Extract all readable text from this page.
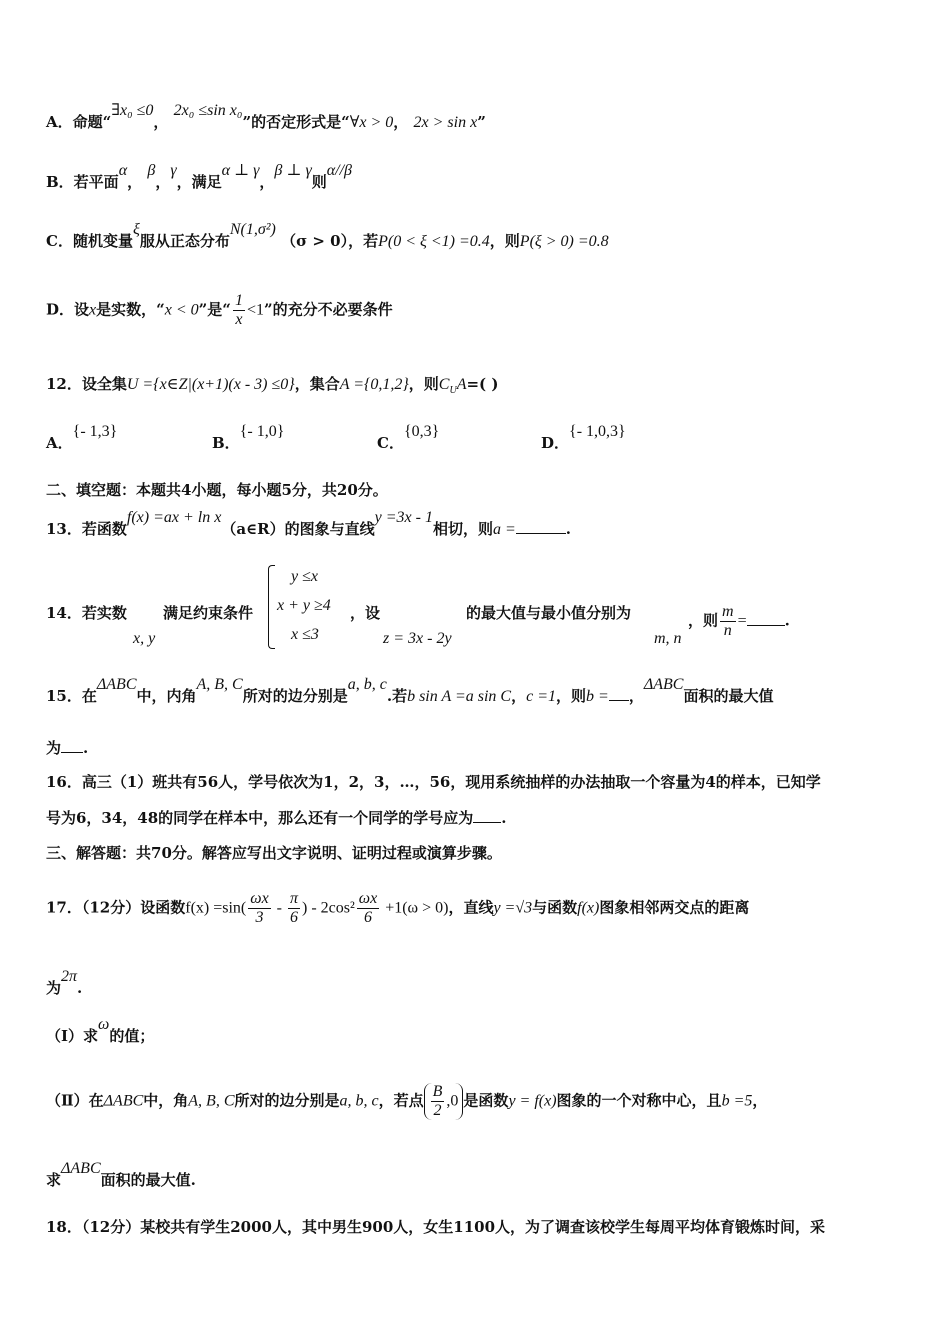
A．命题“∃x₀ ≤0， 2x₀ ≤sin x₀”的否定形式是“∀x > 0， 2x > sin x”
B．若平面α， β，γ，满足α ⊥ γ，β ⊥ γ则α//β
C．随机变量ξ服从正态分布N(1,σ²) （σ > 0），若P(0 < ξ <1) =0.4，则P(ξ > 0) =0.8
D．设x是实数，“x < 0”是“ $\frac{1}{x} <1$”的充分不必要条件
12．设全集U ={x∈Z|(x+1)(x - 3) ≤0}，集合A ={0,1,2}，则$C_UA=$( )
A．{- 1,3}
B．{- 1,0}
C．{0,3}
D．{- 1,0,3}
二、填空题：本题共4小题，每小题5分，共20分。
13．若函数f(x) =ax + ln x（a∈R）的图象与直线y =3x - 1相切，则a =	.
14．若实数
x, y
满足约束条件
y ≤x
x + y ≥4
x ≤3
，设
z = 3x - 2y
的最大值与最小值分别为
m, n
，则 $\frac{m}{n}$ =	.
15．在ΔABC中，内角A, B, C所对的边分别是a, b, c.若b sin A =a sin C，c =1，则b = ，ΔABC面积的最大值
为 .
16．高三（1）班共有56人，学号依次为1，2，3，…，56，现用系统抽样的办法抽取一个容量为4的样本，已知学
号为6，34，48的同学在样本中，那么还有一个同学的学号应为 .
三、解答题：共70分。解答应写出文字说明、证明过程或演算步骤。
17．（12分）设函数$f(x) =\sin( \frac{\omega x}{3} - \frac{\pi}{6}$ ) - $2\cos^2 \frac{\omega x}{6} +1(\omega > 0)$，直线y =√3与函数f(x)图象相邻两交点的距离
为2π.
（Ⅰ）求ω的值；
（Ⅱ）在ΔABC中，角A, B, C所对的边分别是a, b, c，若点 $\frac{B}{2} ,0$ 是函数y = f(x)图象的一个对称中心，且b =5，
求ΔABC面积的最大值.
18．（12分）某校共有学生2000人，其中男生900人，女生1100人，为了调查该校学生每周平均体育锻炼时间，采
